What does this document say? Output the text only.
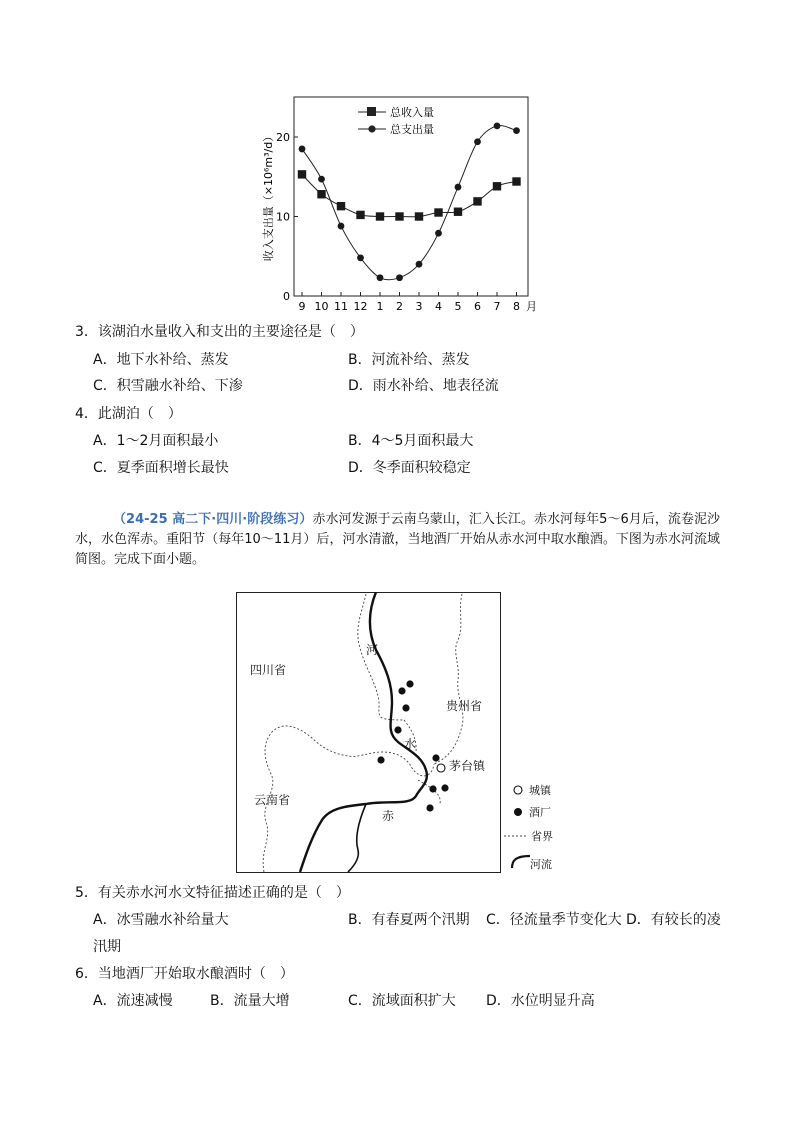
9 10 11 12 1 2 3 4 5 6 7 8
0
10
20
总收入量
总支出量
月
收入支出量（×10⁶m³/d）
3．该湖泊水量收入和支出的主要途径是（　）
A．地下水补给、蒸发	B．河流补给、蒸发
C．积雪融水补给、下渗	D．雨水补给、地表径流
4．此湖泊（　）
A．1～2月面积最小	B．4～5月面积最大
C．夏季面积增长最快	D．冬季面积较稳定
（24-25 高二下·四川·阶段练习）赤水河发源于云南乌蒙山，汇入长江。赤水河每年5～6月后，流卷泥沙水，水色浑赤。重阳节（每年10～11月）后，河水清澈，当地酒厂开始从赤水河中取水酿酒。下图为赤水河流域简图。完成下面小题。
四川省
贵州省
云南省
河
水
赤
茅台镇
城镇
酒厂
省界
河流
5．有关赤水河水文特征描述正确的是（　）
A．冰雪融水补给量大	B．有春夏两个汛期 C．径流量季节变化大 D．有较长的凌
汛期
6．当地酒厂开始取水酿酒时（　）
A．流速减慢	B．流量大增	C．流域面积扩大 D．水位明显升高
